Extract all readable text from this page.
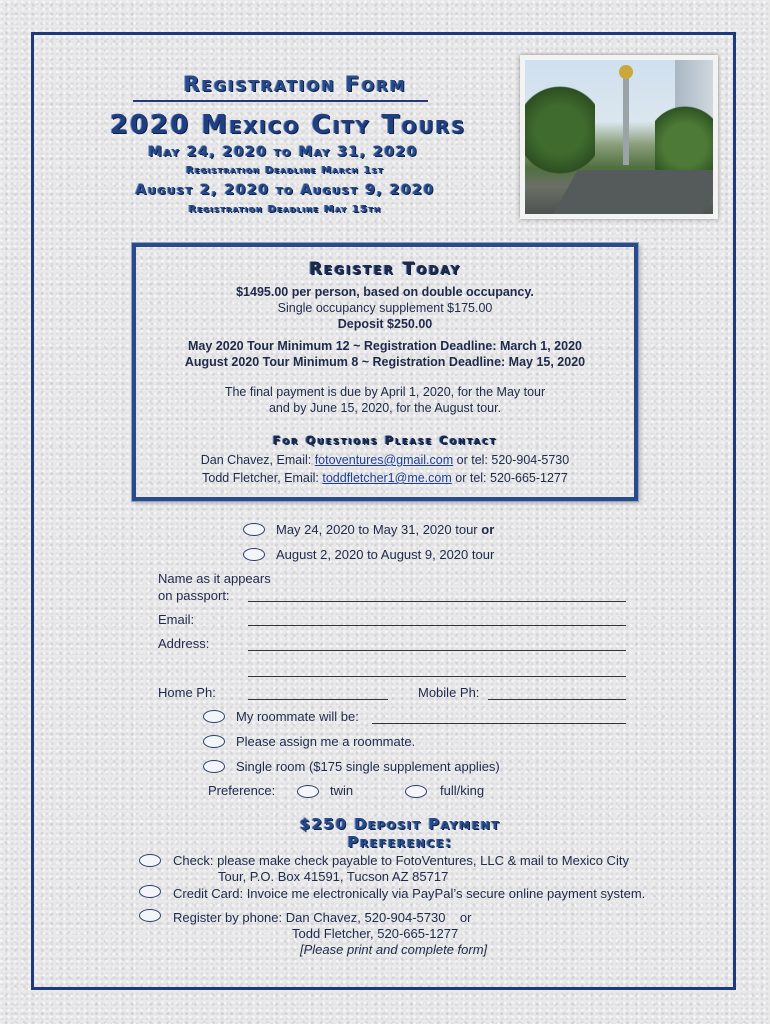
Registration Form
2020 Mexico City Tours
May 24, 2020 to May 31, 2020
Registration Deadline March 1st
August 2, 2020 to August 9, 2020
Registration Deadline May 15th
Register Today
$1495.00 per person, based on double occupancy.
Single occupancy supplement $175.00
Deposit $250.00
May 2020 Tour Minimum 12 ~ Registration Deadline: March 1, 2020
August 2020 Tour Minimum 8 ~ Registration Deadline: May 15, 2020
The final payment is due by April 1, 2020, for the May tour
and by June 15, 2020, for the August tour.
For Questions Please Contact
Dan Chavez, Email: fotoventures@gmail.com or tel: 520-904-5730
Todd Fletcher, Email: toddfletcher1@me.com or tel: 520-665-1277
May 24, 2020 to May 31, 2020 tour or
August 2, 2020 to August 9, 2020 tour
Name as it appears
on passport:
Email:
Address:
Home Ph:	Mobile Ph:
My roommate will be:
Please assign me a roommate.
Single room ($175 single supplement applies)
Preference:	twin	full/king
$250 Deposit Payment Preference:
Check: please make check payable to FotoVentures, LLC & mail to Mexico City
Tour, P.O. Box 41591, Tucson AZ 85717
Credit Card: Invoice me electronically via PayPal’s secure online payment system.
Register by phone: Dan Chavez, 520-904-5730    or
Todd Fletcher, 520-665-1277
[Please print and complete form]
